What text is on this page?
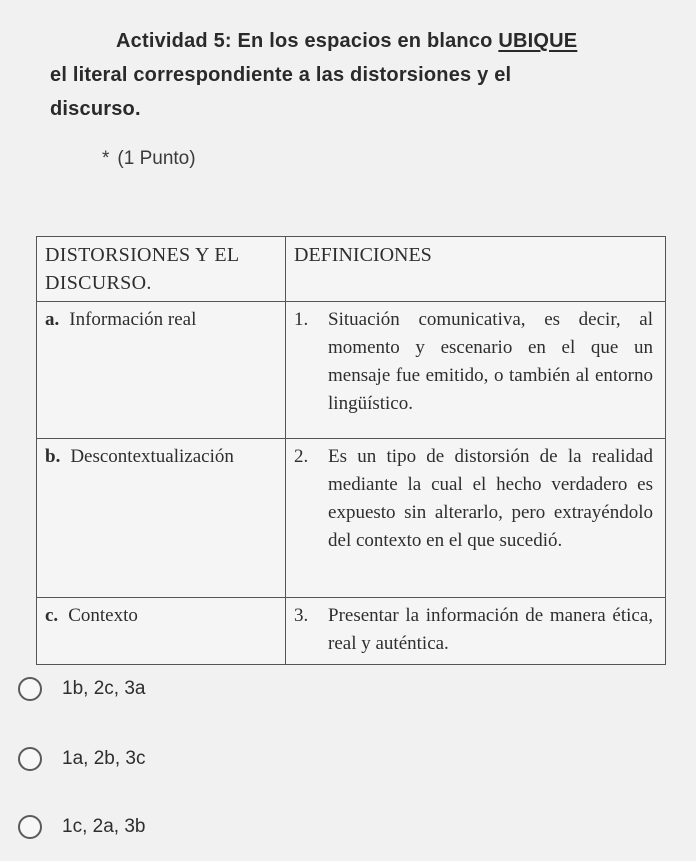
Actividad 5: En los espacios en blanco UBIQUE
el literal correspondiente a las distorsiones y el
discurso.
* (1 Punto)
DISTORSIONES Y EL DISCURSO.	DEFINICIONES
a. Información real	1. Situación comunicativa, es decir, al momento y escenario en el que un mensaje fue emitido, o también al entorno lingüístico.
b. Descontextualización	2. Es un tipo de distorsión de la realidad mediante la cual el hecho verdadero es expuesto sin alterarlo, pero extrayéndolo del contexto en el que sucedió.
c. Contexto	3. Presentar la información de manera ética, real y auténtica.
1b, 2c, 3a
1a, 2b, 3c
1c, 2a, 3b
